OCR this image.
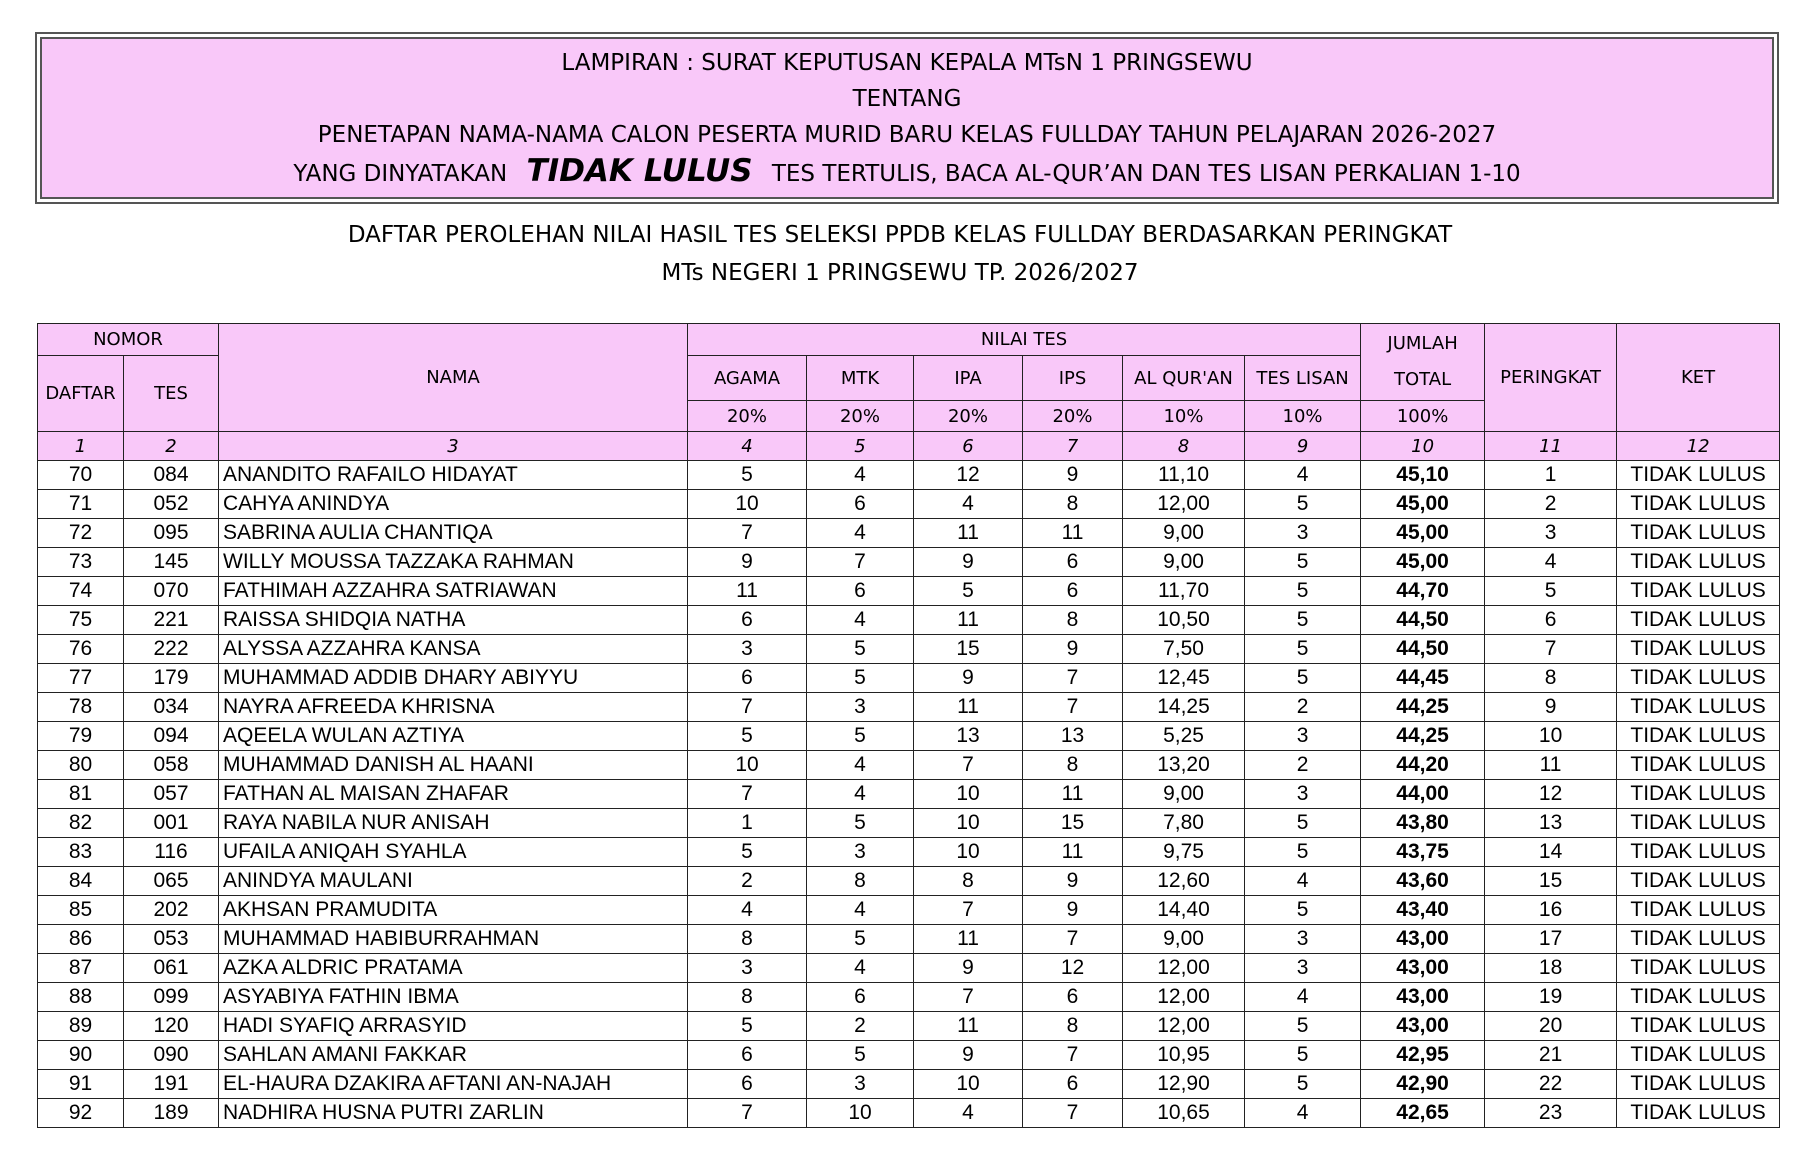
LAMPIRAN : SURAT KEPUTUSAN KEPALA MTsN 1 PRINGSEWU
TENTANG
PENETAPAN NAMA-NAMA CALON PESERTA MURID BARU KELAS FULLDAY TAHUN PELAJARAN 2026-2027
YANG DINYATAKAN TIDAK LULUS TES TERTULIS, BACA AL-QUR’AN DAN TES LISAN PERKALIAN 1-10
DAFTAR PEROLEHAN NILAI HASIL TES SELEKSI PPDB KELAS FULLDAY BERDASARKAN PERINGKAT
MTs NEGERI 1 PRINGSEWU TP. 2026/2027
NOMOR		NAMA	NILAI TES						JUMLAH
TOTAL	PERINGKAT	KET
DAFTAR	TES		AGAMA	MTK	IPA	IPS	AL QUR'AN	TES LISAN			
			20%	20%	20%	20%	10%	10%	100%		
1	2	3	4	5	6	7	8	9	10	11	12
70	084	ANANDITO RAFAILO HIDAYAT	5	4	12	9	11,10	4	45,10	1	TIDAK LULUS
71	052	CAHYA ANINDYA	10	6	4	8	12,00	5	45,00	2	TIDAK LULUS
72	095	SABRINA AULIA CHANTIQA	7	4	11	11	9,00	3	45,00	3	TIDAK LULUS
73	145	WILLY MOUSSA TAZZAKA RAHMAN	9	7	9	6	9,00	5	45,00	4	TIDAK LULUS
74	070	FATHIMAH AZZAHRA SATRIAWAN	11	6	5	6	11,70	5	44,70	5	TIDAK LULUS
75	221	RAISSA SHIDQIA NATHA	6	4	11	8	10,50	5	44,50	6	TIDAK LULUS
76	222	ALYSSA AZZAHRA KANSA	3	5	15	9	7,50	5	44,50	7	TIDAK LULUS
77	179	MUHAMMAD ADDIB DHARY ABIYYU	6	5	9	7	12,45	5	44,45	8	TIDAK LULUS
78	034	NAYRA AFREEDA KHRISNA	7	3	11	7	14,25	2	44,25	9	TIDAK LULUS
79	094	AQEELA WULAN AZTIYA	5	5	13	13	5,25	3	44,25	10	TIDAK LULUS
80	058	MUHAMMAD DANISH AL HAANI	10	4	7	8	13,20	2	44,20	11	TIDAK LULUS
81	057	FATHAN AL MAISAN ZHAFAR	7	4	10	11	9,00	3	44,00	12	TIDAK LULUS
82	001	RAYA NABILA NUR ANISAH	1	5	10	15	7,80	5	43,80	13	TIDAK LULUS
83	116	UFAILA ANIQAH SYAHLA	5	3	10	11	9,75	5	43,75	14	TIDAK LULUS
84	065	ANINDYA MAULANI	2	8	8	9	12,60	4	43,60	15	TIDAK LULUS
85	202	AKHSAN PRAMUDITA	4	4	7	9	14,40	5	43,40	16	TIDAK LULUS
86	053	MUHAMMAD HABIBURRAHMAN	8	5	11	7	9,00	3	43,00	17	TIDAK LULUS
87	061	AZKA ALDRIC PRATAMA	3	4	9	12	12,00	3	43,00	18	TIDAK LULUS
88	099	ASYABIYA FATHIN IBMA	8	6	7	6	12,00	4	43,00	19	TIDAK LULUS
89	120	HADI SYAFIQ ARRASYID	5	2	11	8	12,00	5	43,00	20	TIDAK LULUS
90	090	SAHLAN AMANI FAKKAR	6	5	9	7	10,95	5	42,95	21	TIDAK LULUS
91	191	EL-HAURA DZAKIRA AFTANI AN-NAJAH	6	3	10	6	12,90	5	42,90	22	TIDAK LULUS
92	189	NADHIRA HUSNA PUTRI ZARLIN	7	10	4	7	10,65	4	42,65	23	TIDAK LULUS
